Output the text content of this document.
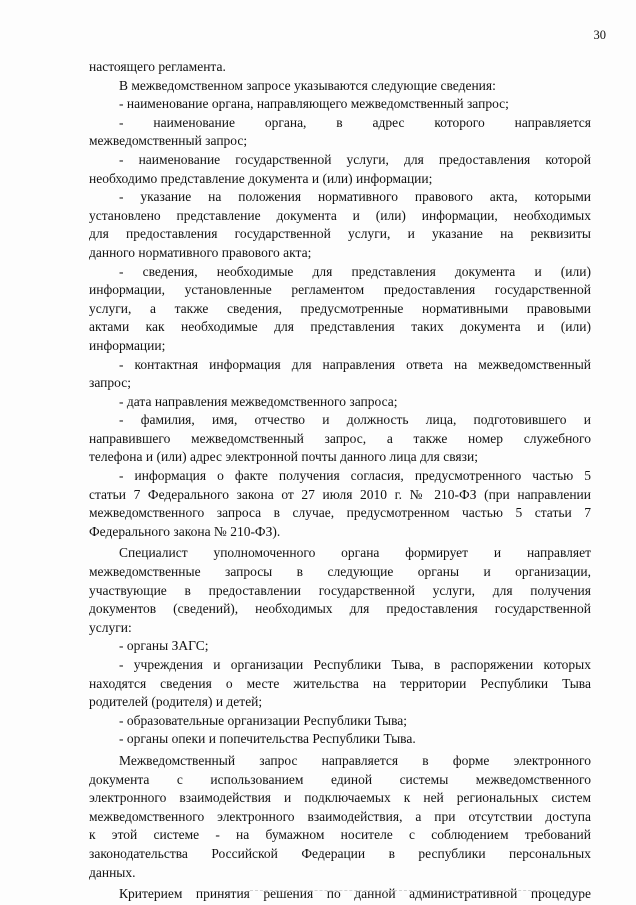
30
настоящего регламента.
В межведомственном запросе указываются следующие сведения:
- наименование органа, направляющего межведомственный запрос;
- наименование органа, в адрес которого направляется
межведомственный запрос;
- наименование государственной услуги, для предоставления которой
необходимо представление документа и (или) информации;
- указание на положения нормативного правового акта, которыми
установлено представление документа и (или) информации, необходимых
для предоставления государственной услуги, и указание на реквизиты
данного нормативного правового акта;
- сведения, необходимые для представления документа и (или)
информации, установленные регламентом предоставления государственной
услуги, а также сведения, предусмотренные нормативными правовыми
актами как необходимые для представления таких документа и (или)
информации;
- контактная информация для направления ответа на межведомственный
запрос;
- дата направления межведомственного запроса;
- фамилия, имя, отчество и должность лица, подготовившего и
направившего межведомственный запрос, а также номер служебного
телефона и (или) адрес электронной почты данного лица для связи;
- информация о факте получения согласия, предусмотренного частью 5
статьи 7 Федерального закона от 27 июля 2010 г. № 210-ФЗ (при направлении
межведомственного запроса в случае, предусмотренном частью 5 статьи 7
Федерального закона № 210-ФЗ).
Специалист уполномоченного органа формирует и направляет
межведомственные запросы в следующие органы и организации,
участвующие в предоставлении государственной услуги, для получения
документов (сведений), необходимых для предоставления государственной
услуги:
- органы ЗАГС;
- учреждения и организации Республики Тыва, в распоряжении которых
находятся сведения о месте жительства на территории Республики Тыва
родителей (родителя) и детей;
- образовательные организации Республики Тыва;
- органы опеки и попечительства Республики Тыва.
Межведомственный запрос направляется в форме электронного
документа с использованием единой системы межведомственного
электронного взаимодействия и подключаемых к ней региональных систем
межведомственного электронного взаимодействия, а при отсутствии доступа
к этой системе - на бумажном носителе с соблюдением требований
законодательства Российской Федерации в республики персональных
данных.
Критерием принятия решения по данной административной процедуре
